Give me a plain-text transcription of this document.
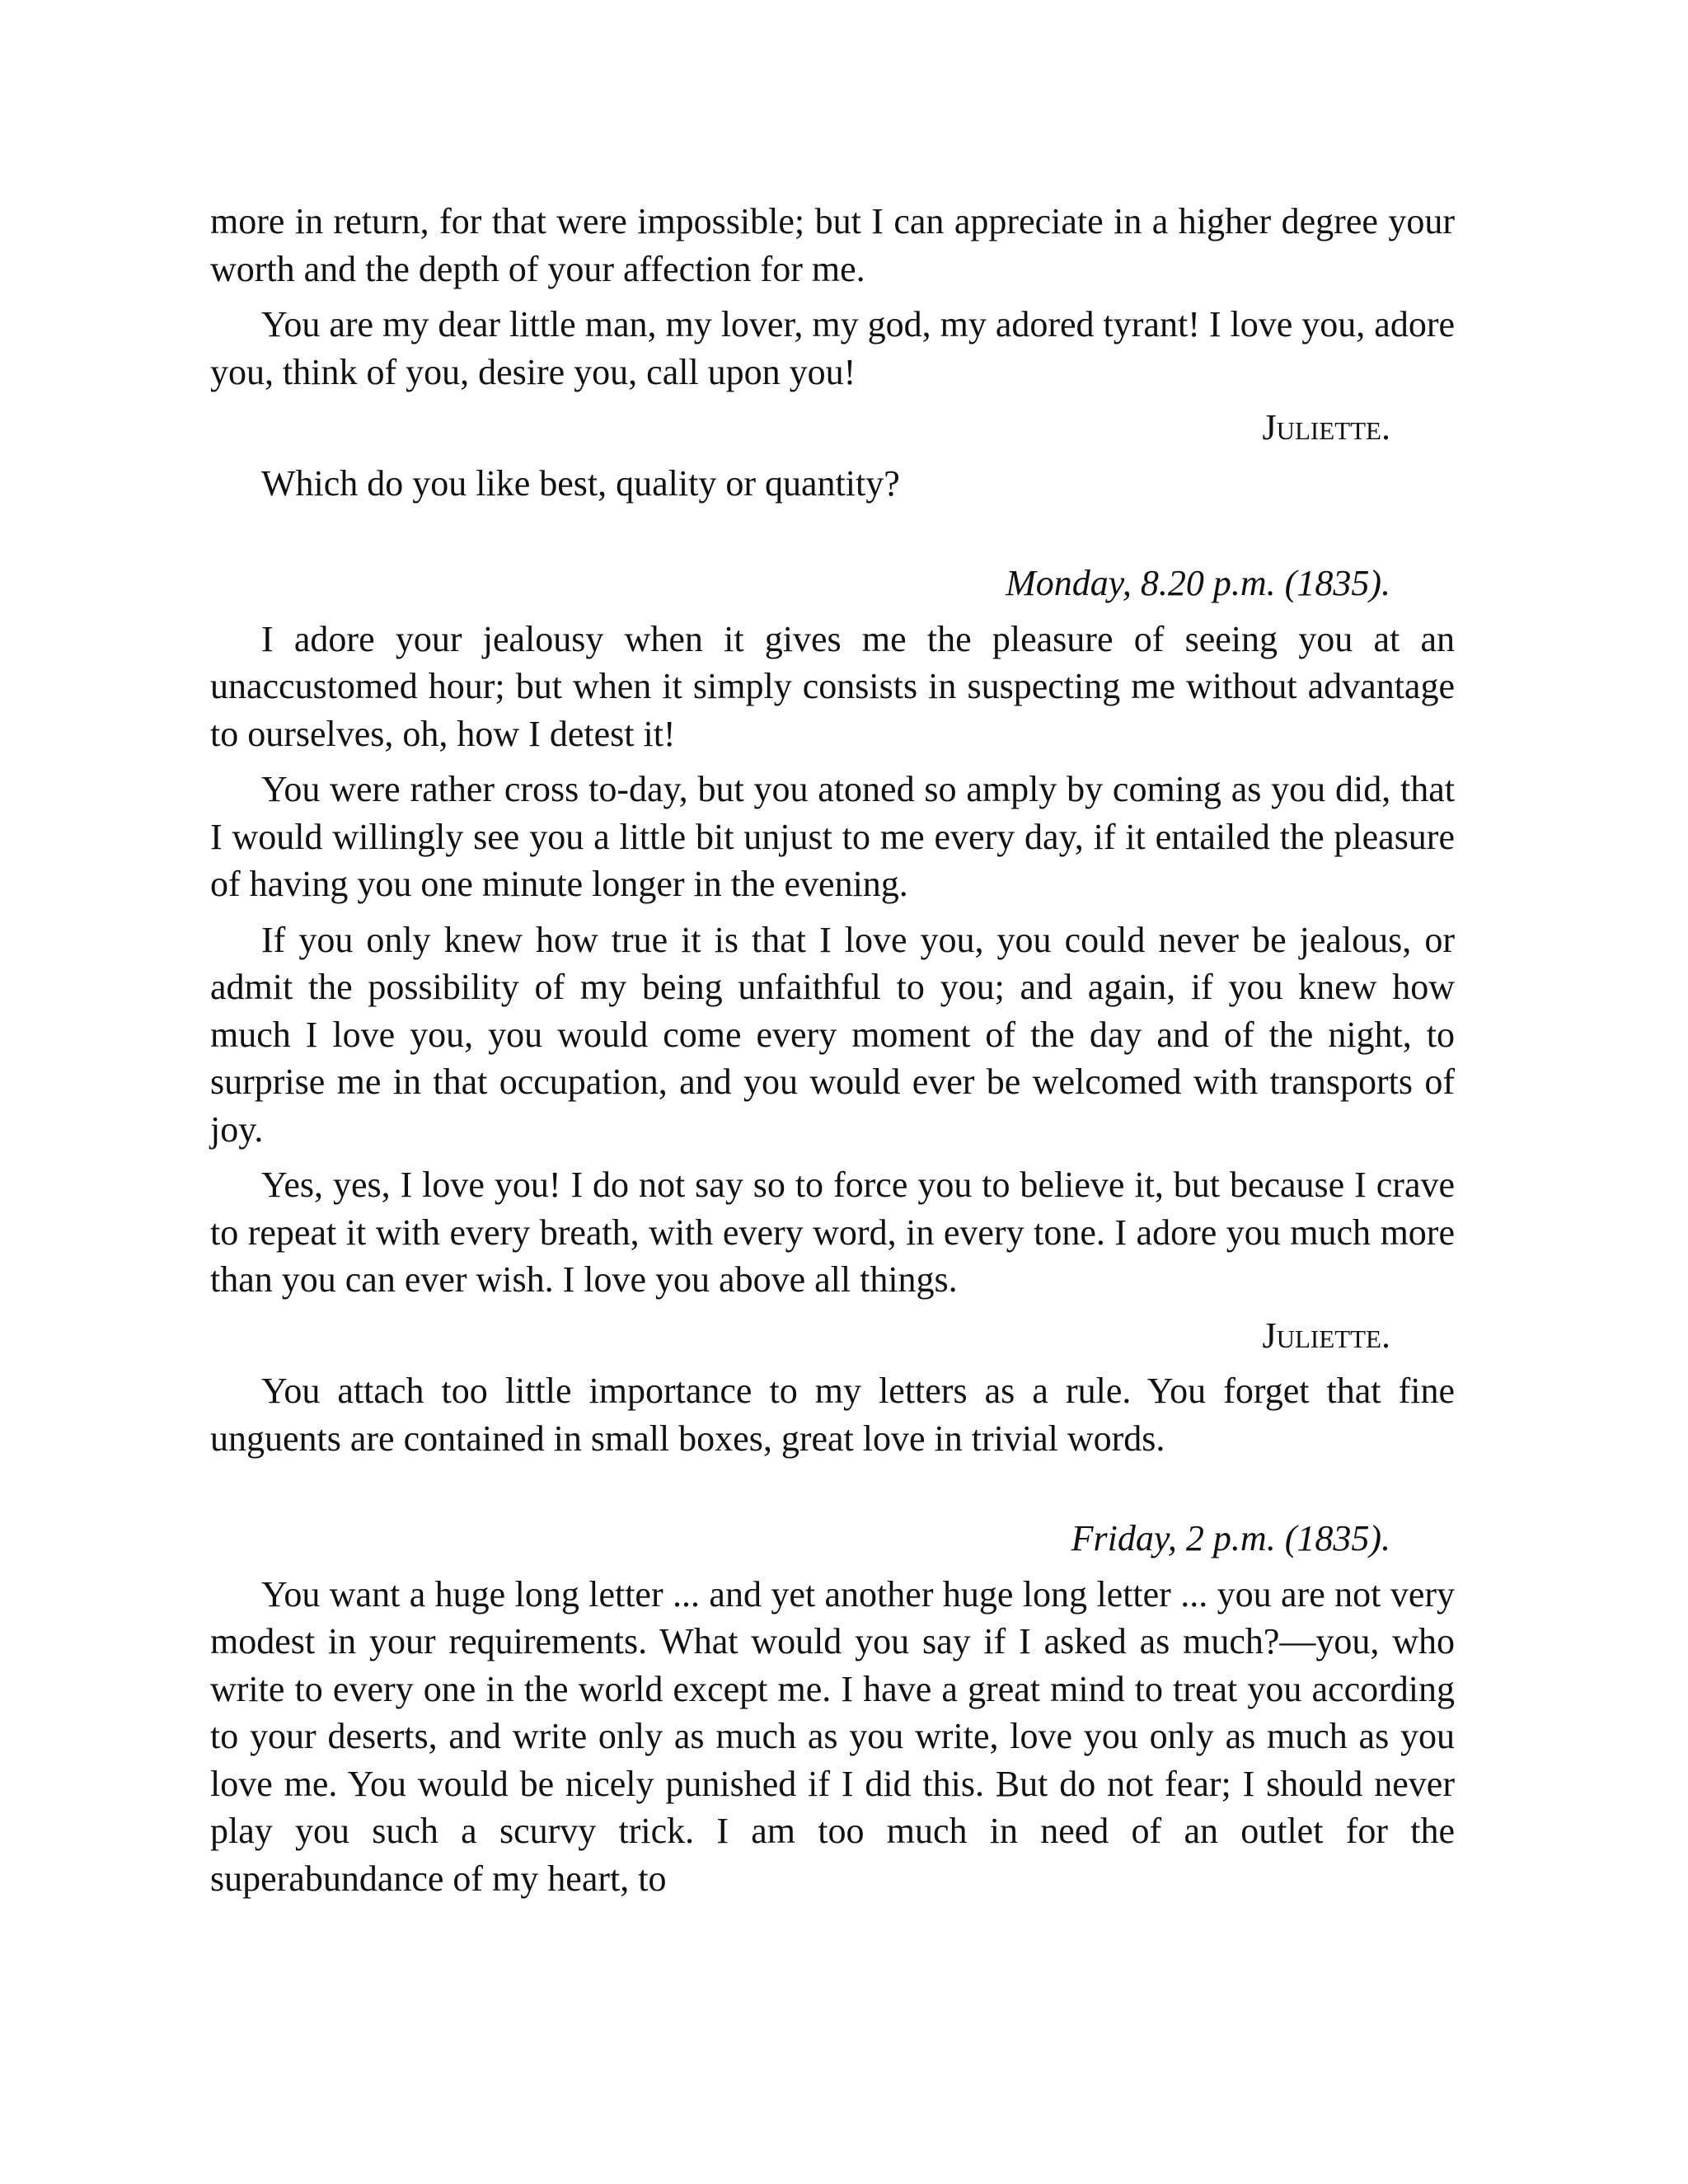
more in return, for that were impossible; but I can appreciate in a higher degree your worth and the depth of your affection for me.

You are my dear little man, my lover, my god, my adored tyrant! I love you, adore you, think of you, desire you, call upon you!

Juliette.

Which do you like best, quality or quantity?

Monday, 8.20 p.m. (1835).

I adore your jealousy when it gives me the pleasure of seeing you at an unaccustomed hour; but when it simply consists in suspecting me without advantage to ourselves, oh, how I detest it!

You were rather cross to-day, but you atoned so amply by coming as you did, that I would willingly see you a little bit unjust to me every day, if it entailed the pleasure of having you one minute longer in the evening.

If you only knew how true it is that I love you, you could never be jealous, or admit the possibility of my being unfaithful to you; and again, if you knew how much I love you, you would come every moment of the day and of the night, to surprise me in that occupation, and you would ever be welcomed with transports of joy.

Yes, yes, I love you! I do not say so to force you to believe it, but because I crave to repeat it with every breath, with every word, in every tone. I adore you much more than you can ever wish. I love you above all things.

Juliette.

You attach too little importance to my letters as a rule. You forget that fine unguents are contained in small boxes, great love in trivial words.

Friday, 2 p.m. (1835).

You want a huge long letter ... and yet another huge long letter ... you are not very modest in your requirements. What would you say if I asked as much?—you, who write to every one in the world except me. I have a great mind to treat you according to your deserts, and write only as much as you write, love you only as much as you love me. You would be nicely punished if I did this. But do not fear; I should never play you such a scurvy trick. I am too much in need of an outlet for the superabundance of my heart, to
